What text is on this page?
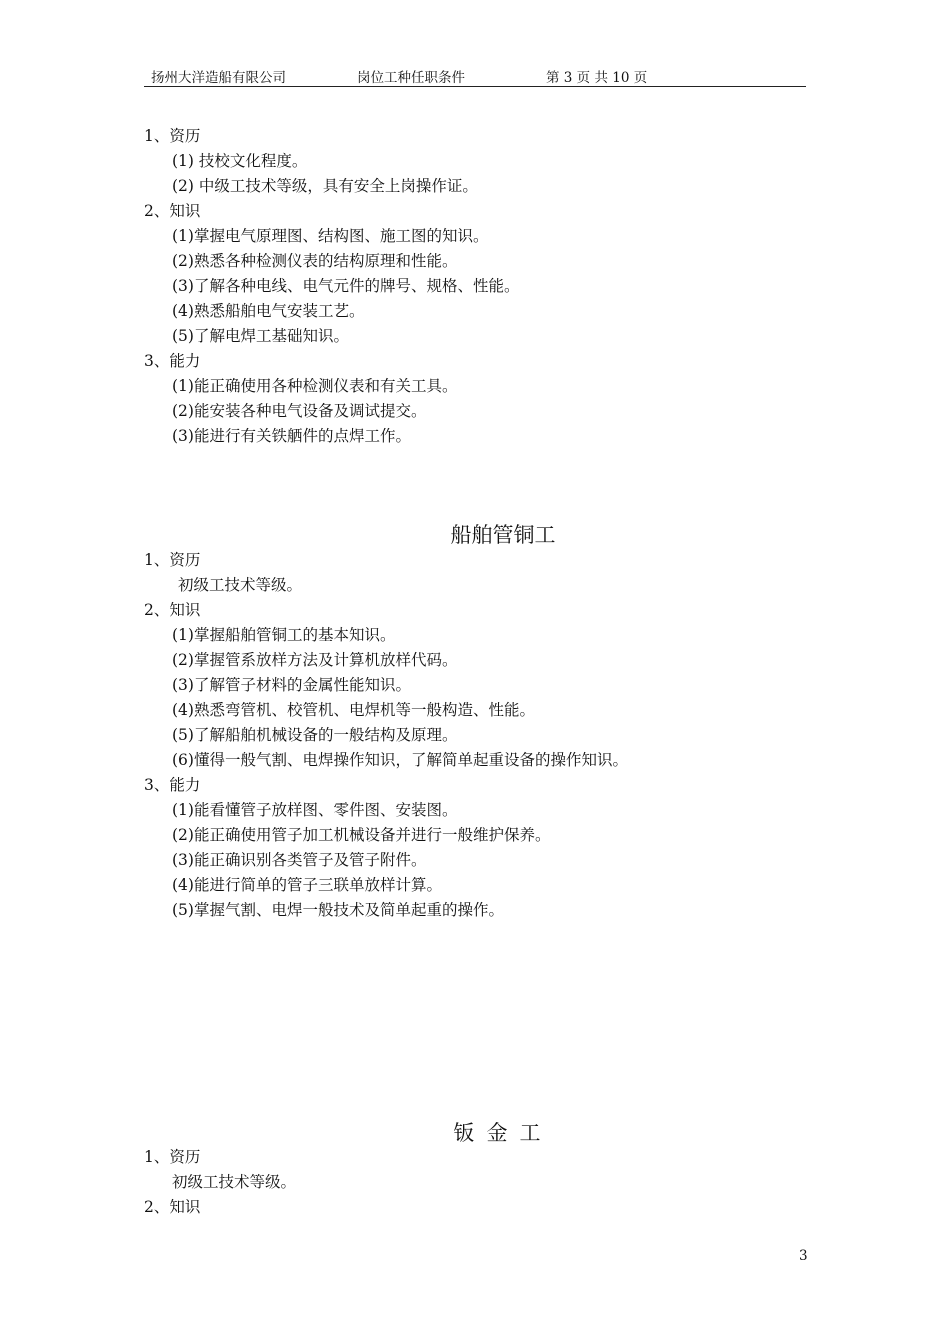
扬州大洋造船有限公司	岗位工种任职条件	第 3 页 共 10 页
1、资历
(1) 技校文化程度。
(2) 中级工技术等级，具有安全上岗操作证。
2、知识
(1)掌握电气原理图、结构图、施工图的知识。
(2)熟悉各种检测仪表的结构原理和性能。
(3)了解各种电线、电气元件的牌号、规格、性能。
(4)熟悉船舶电气安装工艺。
(5)了解电焊工基础知识。
3、能力
(1)能正确使用各种检测仪表和有关工具。
(2)能安装各种电气设备及调试提交。
(3)能进行有关铁舾件的点焊工作。
船舶管铜工
1、资历
初级工技术等级。
2、知识
(1)掌握船舶管铜工的基本知识。
(2)掌握管系放样方法及计算机放样代码。
(3)了解管子材料的金属性能知识。
(4)熟悉弯管机、校管机、电焊机等一般构造、性能。
(5)了解船舶机械设备的一般结构及原理。
(6)懂得一般气割、电焊操作知识，了解简单起重设备的操作知识。
3、能力
(1)能看懂管子放样图、零件图、安装图。
(2)能正确使用管子加工机械设备并进行一般维护保养。
(3)能正确识别各类管子及管子附件。
(4)能进行简单的管子三联单放样计算。
(5)掌握气割、电焊一般技术及简单起重的操作。
钣金工
1、资历
初级工技术等级。
2、知识
3
